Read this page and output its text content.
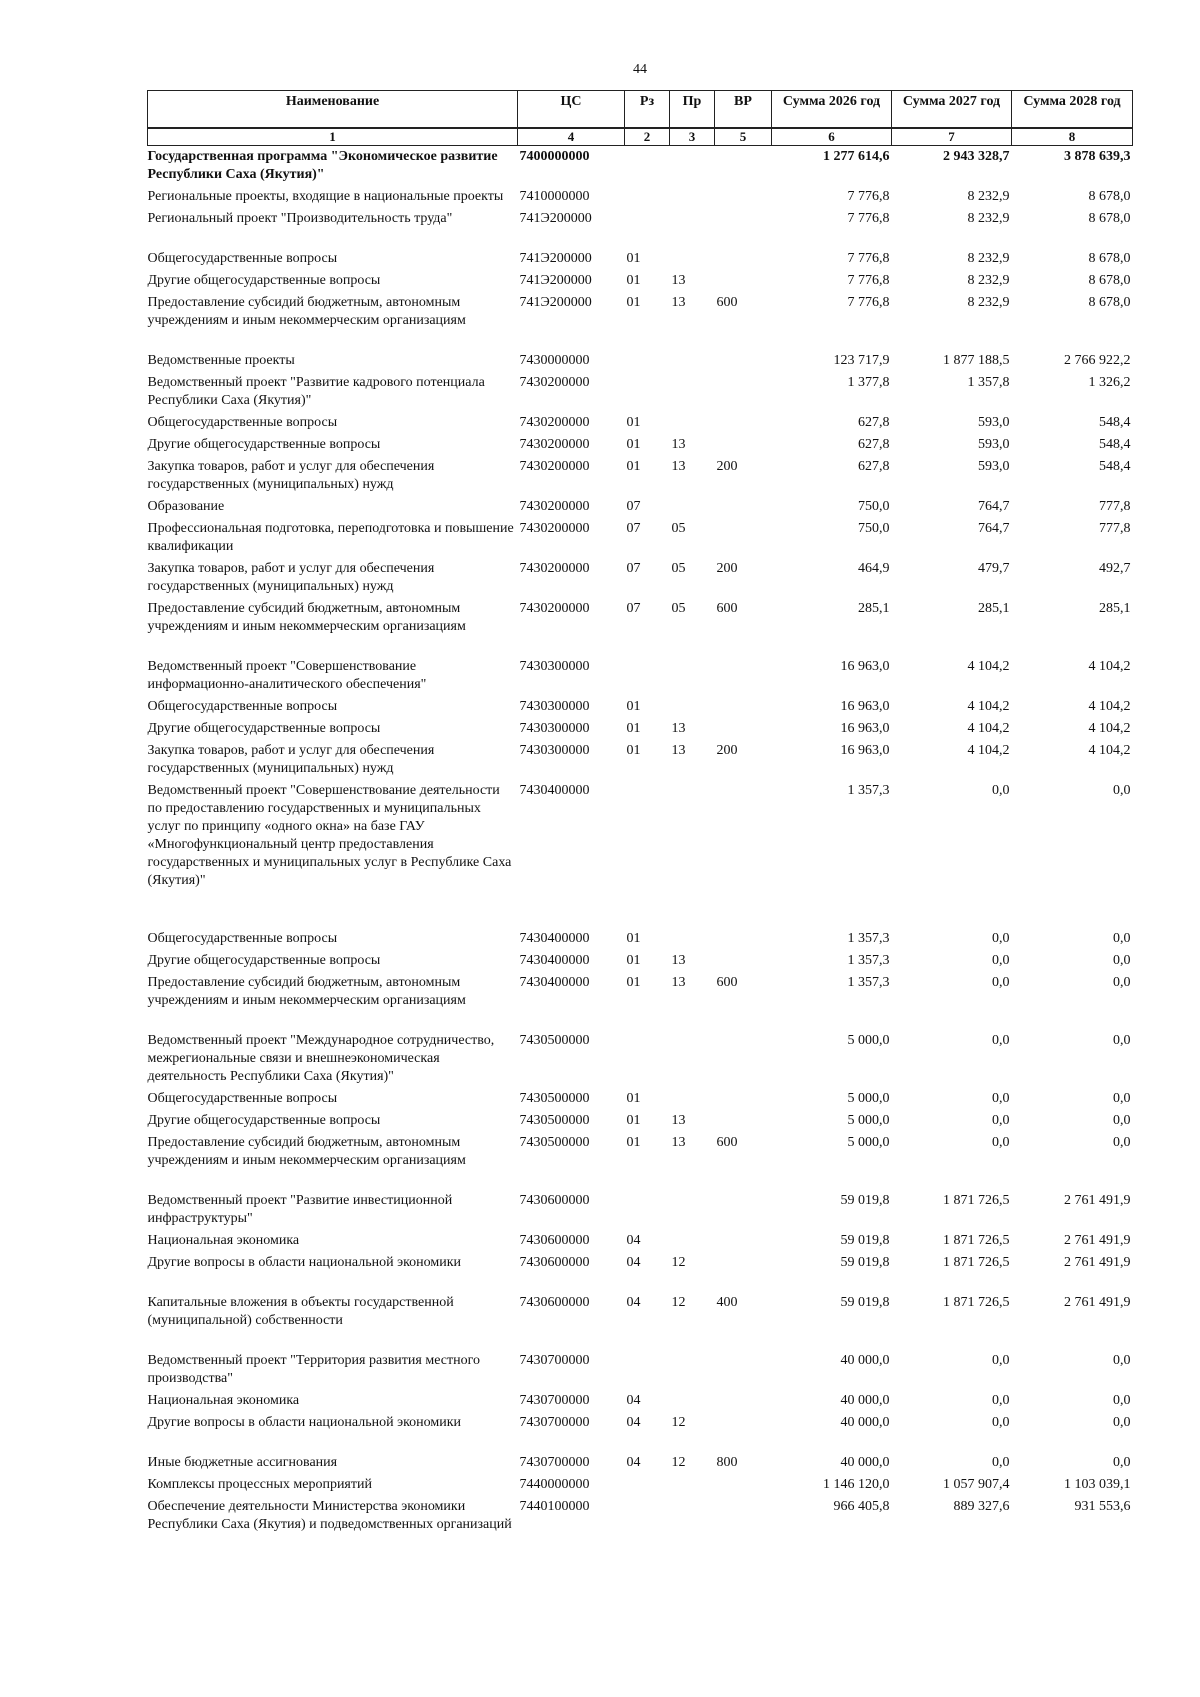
44
Наименование	ЦС	Рз	Пр	ВР	Сумма 2026 год	Сумма 2027 год	Сумма 2028 год
1	4	2	3	5	6	7	8
Государственная программа "Экономическое развитие Республики Саха (Якутия)"	7400000000				1 277 614,6	2 943 328,7	3 878 639,3
Региональные проекты, входящие в национальные проекты	7410000000				7 776,8	8 232,9	8 678,0
Региональный проект "Производительность труда"	741Э200000				7 776,8	8 232,9	8 678,0
Общегосударственные вопросы	741Э200000	01			7 776,8	8 232,9	8 678,0
Другие общегосударственные вопросы	741Э200000	01	13		7 776,8	8 232,9	8 678,0
Предоставление субсидий бюджетным, автономным учреждениям и иным некоммерческим организациям	741Э200000	01	13	600	7 776,8	8 232,9	8 678,0
Ведомственные проекты	7430000000				123 717,9	1 877 188,5	2 766 922,2
Ведомственный проект "Развитие кадрового потенциала Республики Саха (Якутия)"	7430200000				1 377,8	1 357,8	1 326,2
Общегосударственные вопросы	7430200000	01			627,8	593,0	548,4
Другие общегосударственные вопросы	7430200000	01	13		627,8	593,0	548,4
Закупка товаров, работ и услуг для обеспечения государственных (муниципальных) нужд	7430200000	01	13	200	627,8	593,0	548,4
Образование	7430200000	07			750,0	764,7	777,8
Профессиональная подготовка, переподготовка и повышение квалификации	7430200000	07	05		750,0	764,7	777,8
Закупка товаров, работ и услуг для обеспечения государственных (муниципальных) нужд	7430200000	07	05	200	464,9	479,7	492,7
Предоставление субсидий бюджетным, автономным учреждениям и иным некоммерческим организациям	7430200000	07	05	600	285,1	285,1	285,1
Ведомственный проект "Совершенствование информационно-аналитического обеспечения"	7430300000				16 963,0	4 104,2	4 104,2
Общегосударственные вопросы	7430300000	01			16 963,0	4 104,2	4 104,2
Другие общегосударственные вопросы	7430300000	01	13		16 963,0	4 104,2	4 104,2
Закупка товаров, работ и услуг для обеспечения государственных (муниципальных) нужд	7430300000	01	13	200	16 963,0	4 104,2	4 104,2
Ведомственный проект "Совершенствование деятельности по предоставлению государственных и муниципальных услуг по принципу «одного окна» на базе ГАУ «Многофункциональный центр предоставления государственных и муниципальных услуг в Республике Саха (Якутия)"	7430400000				1 357,3	0,0	0,0
Общегосударственные вопросы	7430400000	01			1 357,3	0,0	0,0
Другие общегосударственные вопросы	7430400000	01	13		1 357,3	0,0	0,0
Предоставление субсидий бюджетным, автономным учреждениям и иным некоммерческим организациям	7430400000	01	13	600	1 357,3	0,0	0,0
Ведомственный проект "Международное сотрудничество, межрегиональные связи и внешнеэкономическая деятельность Республики Саха (Якутия)"	7430500000				5 000,0	0,0	0,0
Общегосударственные вопросы	7430500000	01			5 000,0	0,0	0,0
Другие общегосударственные вопросы	7430500000	01	13		5 000,0	0,0	0,0
Предоставление субсидий бюджетным, автономным учреждениям и иным некоммерческим организациям	7430500000	01	13	600	5 000,0	0,0	0,0
Ведомственный проект "Развитие инвестиционной инфраструктуры"	7430600000				59 019,8	1 871 726,5	2 761 491,9
Национальная экономика	7430600000	04			59 019,8	1 871 726,5	2 761 491,9
Другие вопросы в области национальной экономики	7430600000	04	12		59 019,8	1 871 726,5	2 761 491,9
Капитальные вложения в объекты государственной (муниципальной) собственности	7430600000	04	12	400	59 019,8	1 871 726,5	2 761 491,9
Ведомственный проект "Территория развития местного производства"	7430700000				40 000,0	0,0	0,0
Национальная экономика	7430700000	04			40 000,0	0,0	0,0
Другие вопросы в области национальной экономики	7430700000	04	12		40 000,0	0,0	0,0
Иные бюджетные ассигнования	7430700000	04	12	800	40 000,0	0,0	0,0
Комплексы процессных мероприятий	7440000000				1 146 120,0	1 057 907,4	1 103 039,1
Обеспечение деятельности Министерства экономики Республики Саха (Якутия) и подведомственных организаций	7440100000				966 405,8	889 327,6	931 553,6
